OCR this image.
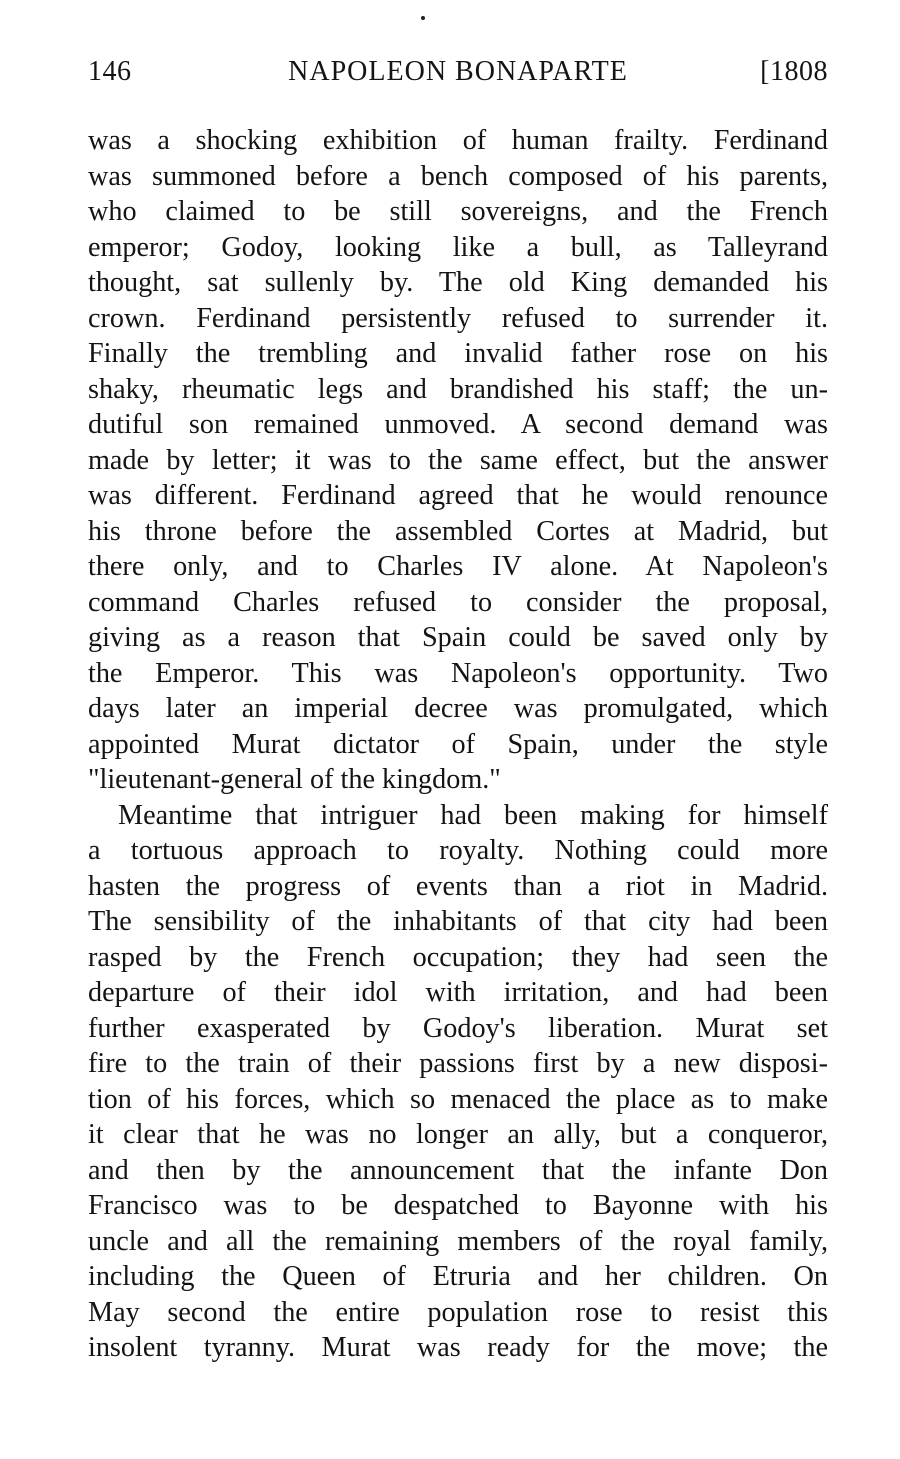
146	NAPOLEON BONAPARTE	[1808
was a shocking exhibition of human frailty. Ferdinand
was summoned before a bench composed of his parents,
who claimed to be still sovereigns, and the French
emperor; Godoy, looking like a bull, as Talleyrand
thought, sat sullenly by. The old King demanded his
crown. Ferdinand persistently refused to surrender it.
Finally the trembling and invalid father rose on his
shaky, rheumatic legs and brandished his staff; the un-
dutiful son remained unmoved. A second demand was
made by letter; it was to the same effect, but the answer
was different. Ferdinand agreed that he would renounce
his throne before the assembled Cortes at Madrid, but
there only, and to Charles IV alone. At Napoleon's
command Charles refused to consider the proposal,
giving as a reason that Spain could be saved only by
the Emperor. This was Napoleon's opportunity. Two
days later an imperial decree was promulgated, which
appointed Murat dictator of Spain, under the style
"lieutenant-general of the kingdom."
Meantime that intriguer had been making for himself
a tortuous approach to royalty. Nothing could more
hasten the progress of events than a riot in Madrid.
The sensibility of the inhabitants of that city had been
rasped by the French occupation; they had seen the
departure of their idol with irritation, and had been
further exasperated by Godoy's liberation. Murat set
fire to the train of their passions first by a new disposi-
tion of his forces, which so menaced the place as to make
it clear that he was no longer an ally, but a conqueror,
and then by the announcement that the infante Don
Francisco was to be despatched to Bayonne with his
uncle and all the remaining members of the royal family,
including the Queen of Etruria and her children. On
May second the entire population rose to resist this
insolent tyranny. Murat was ready for the move; the
